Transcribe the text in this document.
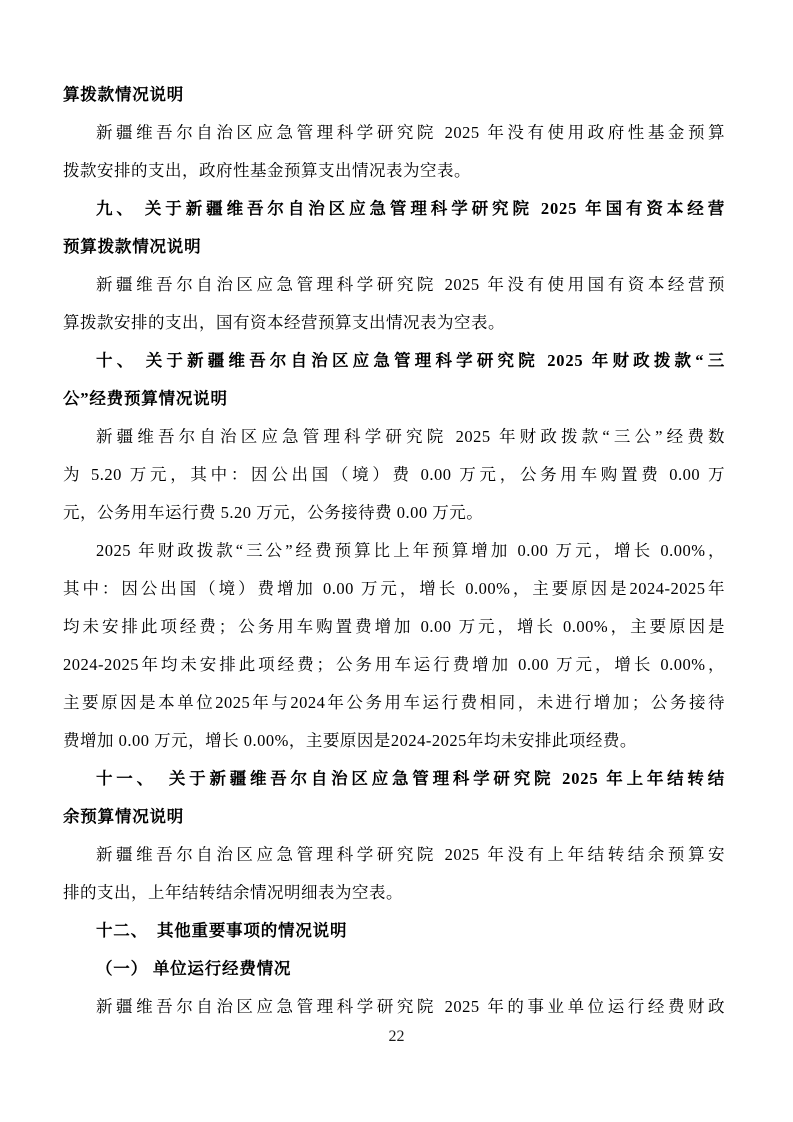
算拨款情况说明
新疆维吾尔自治区应急管理科学研究院 2025 年没有使用政府性基金预算
拨款安排的支出，政府性基金预算支出情况表为空表。
九、 关于新疆维吾尔自治区应急管理科学研究院 2025 年国有资本经营
预算拨款情况说明
新疆维吾尔自治区应急管理科学研究院 2025 年没有使用国有资本经营预
算拨款安排的支出，国有资本经营预算支出情况表为空表。
十、 关于新疆维吾尔自治区应急管理科学研究院 2025 年财政拨款“三
公”经费预算情况说明
新疆维吾尔自治区应急管理科学研究院 2025 年财政拨款“三公”经费数
为 5.20 万元，其中：因公出国（境）费 0.00 万元，公务用车购置费 0.00 万
元，公务用车运行费 5.20 万元，公务接待费 0.00 万元。
2025 年财政拨款“三公”经费预算比上年预算增加 0.00 万元，增长 0.00%，
其中：因公出国（境）费增加 0.00 万元，增长 0.00%，主要原因是2024-2025年
均未安排此项经费；公务用车购置费增加 0.00 万元，增长 0.00%，主要原因是
2024-2025年均未安排此项经费；公务用车运行费增加 0.00 万元，增长 0.00%，
主要原因是本单位2025年与2024年公务用车运行费相同，未进行增加；公务接待
费增加 0.00 万元，增长 0.00%，主要原因是2024-2025年均未安排此项经费。
十一、　关于新疆维吾尔自治区应急管理科学研究院 2025 年上年结转结
余预算情况说明
新疆维吾尔自治区应急管理科学研究院 2025 年没有上年结转结余预算安
排的支出，上年结转结余情况明细表为空表。
十二、　其他重要事项的情况说明
（一） 单位运行经费情况
新疆维吾尔自治区应急管理科学研究院 2025 年的事业单位运行经费财政
22
